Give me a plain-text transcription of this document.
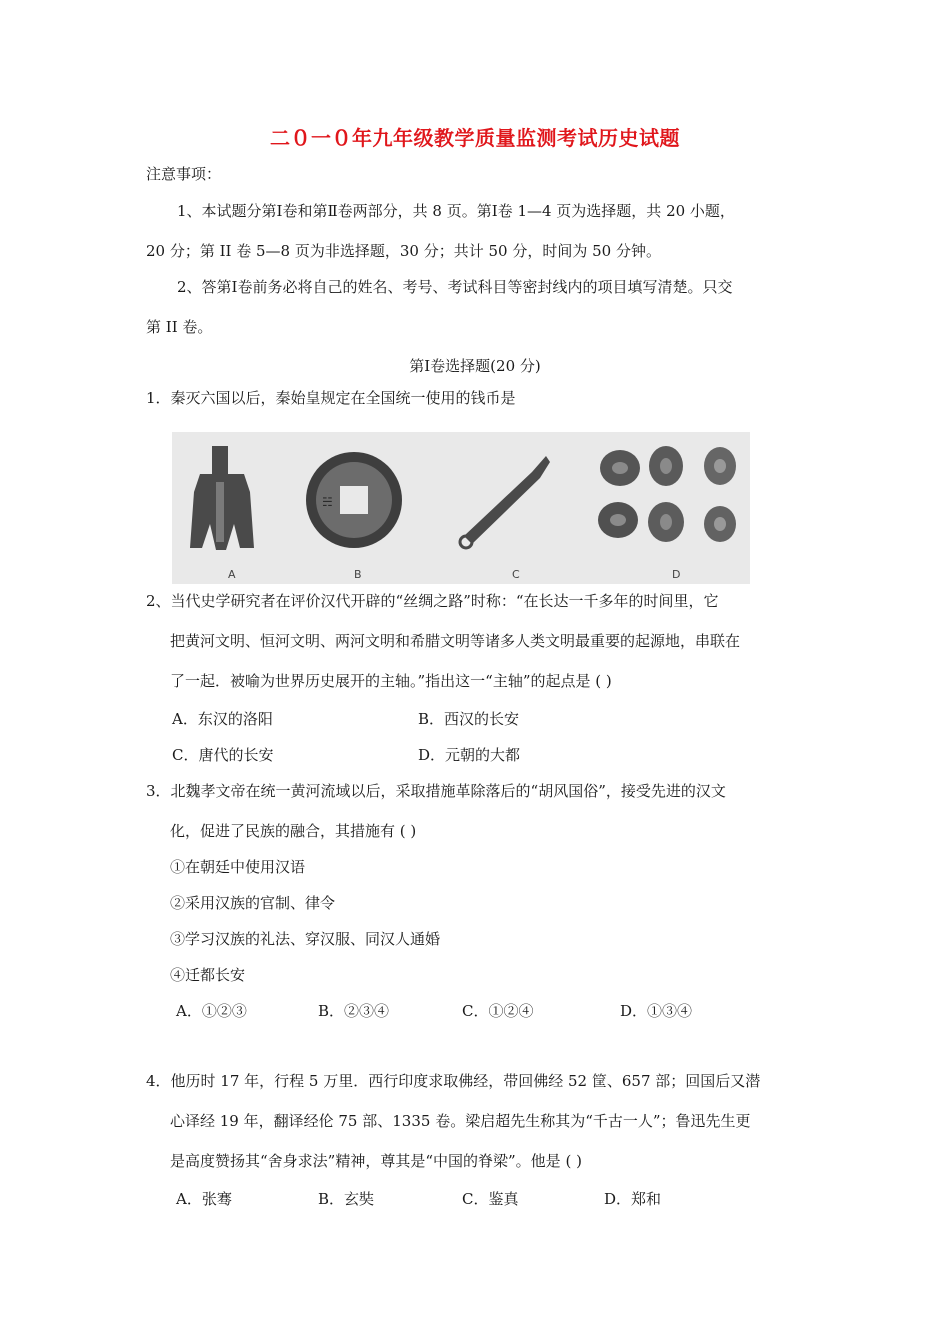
二０一０年九年级教学质量监测考试历史试题
注意事项：
1、本试题分第Ⅰ卷和第Ⅱ卷两部分，共 8 页。第Ⅰ卷 1—4 页为选择题，共 20 小题，
20 分；第 II 卷 5—8 页为非选择题，30 分；共计 50 分，时间为 50 分钟。
2、答第Ⅰ卷前务必将自己的姓名、考号、考试科目等密封线内的项目填写清楚。只交
第 II 卷。
第Ⅰ卷选择题(20 分)
1．秦灭六国以后，秦始皇规定在全国统一使用的钱币是
☵
A	B	C	D
2、当代史学研究者在评价汉代开辟的“丝绸之路”时称：“在长达一千多年的时间里，它
把黄河文明、恒河文明、两河文明和希腊文明等诸多人类文明最重要的起源地，串联在
了一起．被喻为世界历史展开的主轴。”指出这一“主轴”的起点是 ( )
A．东汉的洛阳	B．西汉的长安
C．唐代的长安	D．元朝的大都
3．北魏孝文帝在统一黄河流域以后，采取措施革除落后的“胡风国俗”，接受先进的汉文
化，促进了民族的融合，其措施有 ( )
①在朝廷中使用汉语
②采用汉族的官制、律令
③学习汉族的礼法、穿汉服、同汉人通婚
④迁都长安
A．①②③	B．②③④	C．①②④	D．①③④
4．他历时 17 年，行程 5 万里．西行印度求取佛经，带回佛经 52 筐、657 部；回国后又潜
心译经 19 年，翻译经伦 75 部、1335 卷。梁启超先生称其为“千古一人”；鲁迅先生更
是高度赞扬其“舍身求法”精神，尊其是“中国的脊梁”。他是 ( )
A．张骞	B．玄奘	C．鉴真	D．郑和
